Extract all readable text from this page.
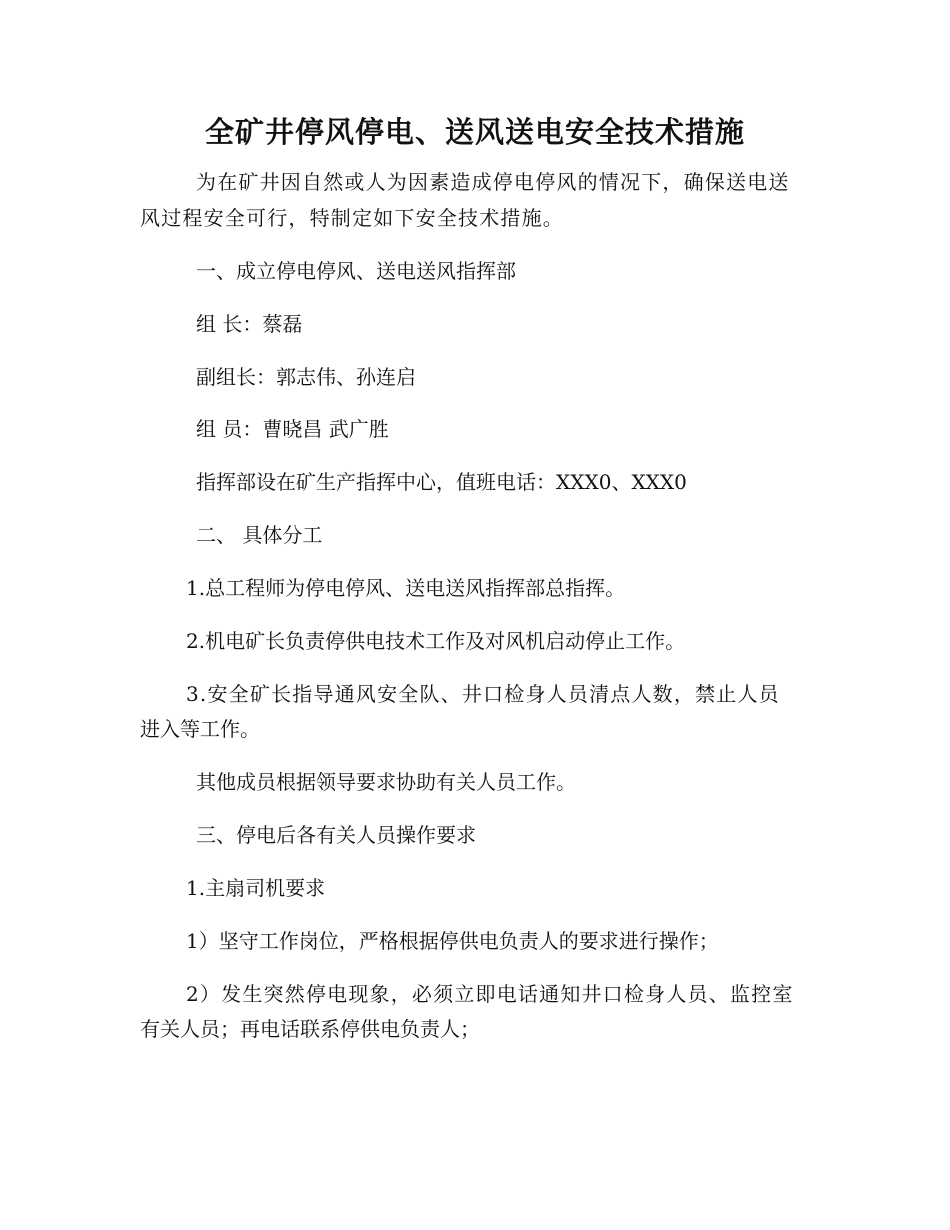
全矿井停风停电、送风送电安全技术措施
为在矿井因自然或人为因素造成停电停风的情况下，确保送电送
风过程安全可行，特制定如下安全技术措施。
一、成立停电停风、送电送风指挥部
组 长：蔡磊
副组长：郭志伟、孙连启
组 员：曹晓昌 武广胜
指挥部设在矿生产指挥中心，值班电话：XXX0、XXX0
二、 具体分工
1.总工程师为停电停风、送电送风指挥部总指挥。
2.机电矿长负责停供电技术工作及对风机启动停止工作。
3.安全矿长指导通风安全队、井口检身人员清点人数，禁止人员
进入等工作。
其他成员根据领导要求协助有关人员工作。
三、停电后各有关人员操作要求
1.主扇司机要求
1）坚守工作岗位，严格根据停供电负责人的要求进行操作；
2）发生突然停电现象，必须立即电话通知井口检身人员、监控室
有关人员；再电话联系停供电负责人；
